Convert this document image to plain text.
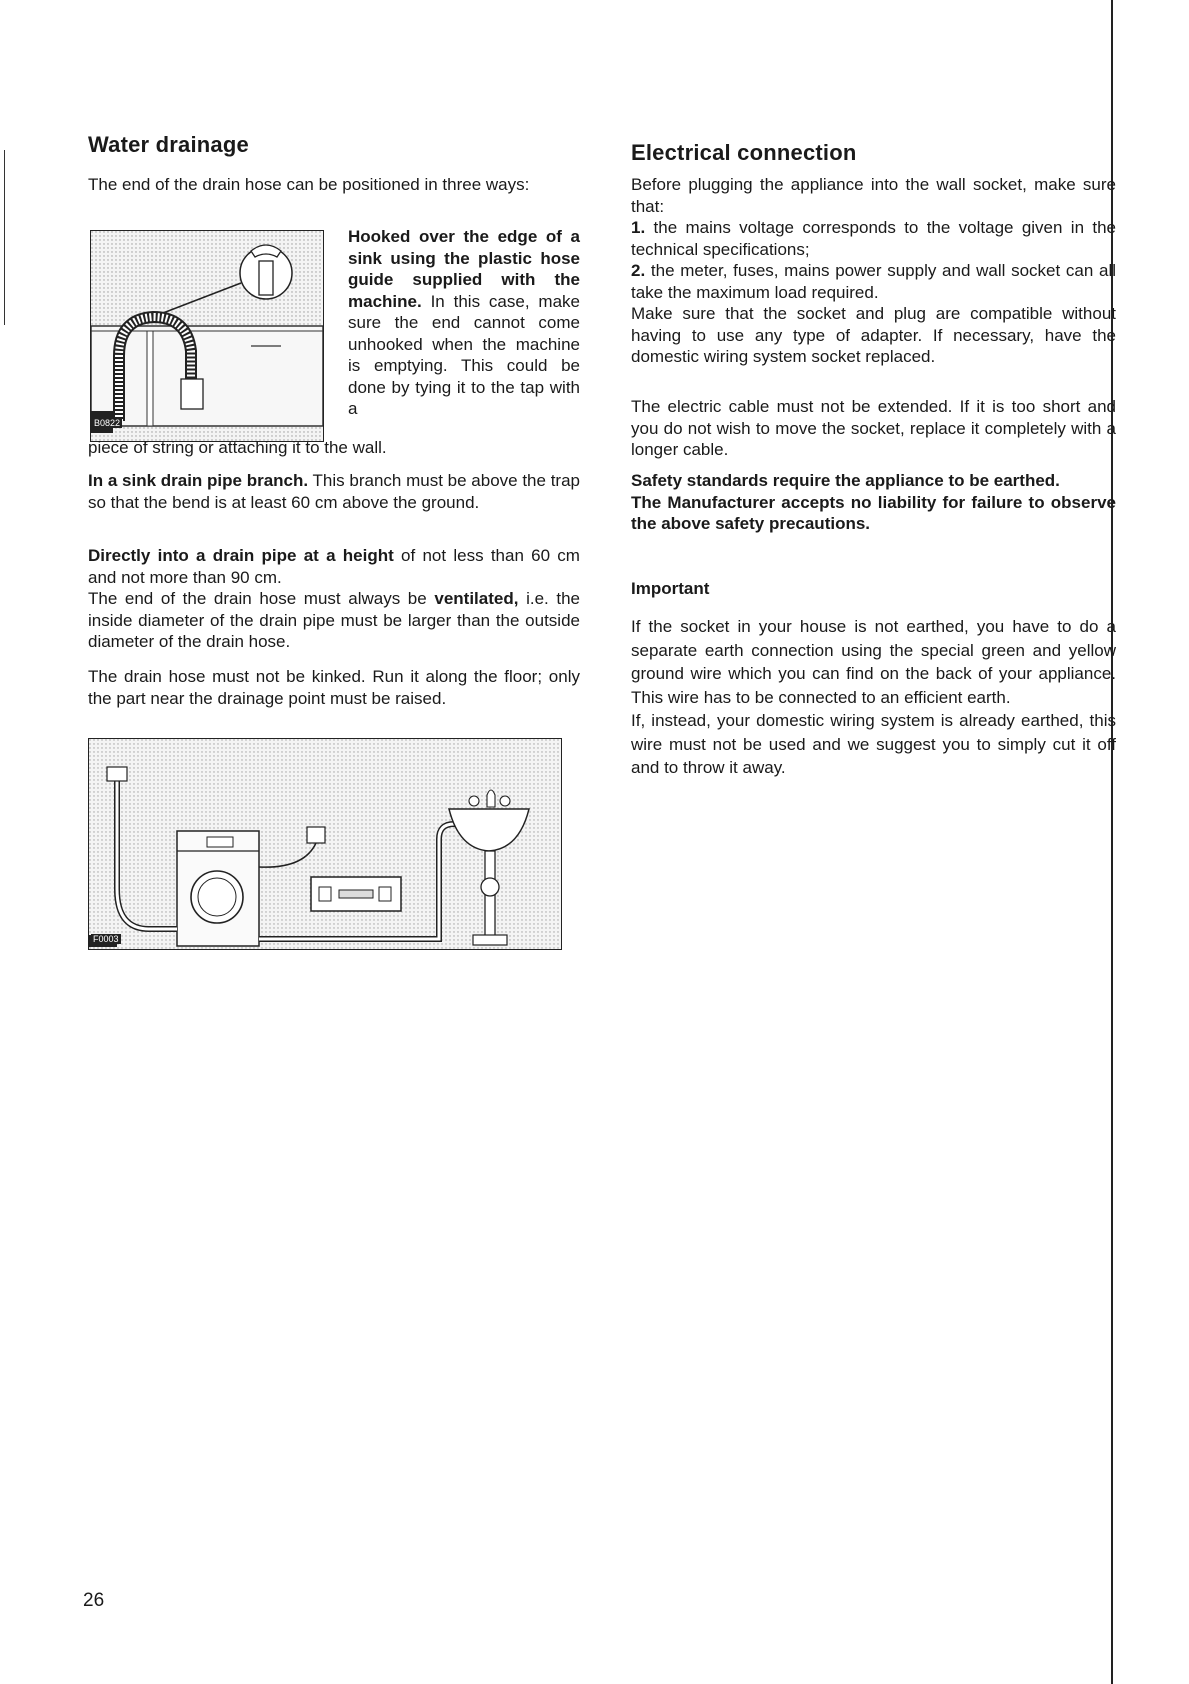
Water drainage

The end of the drain hose can be positioned in three ways:

B0822

Hooked over the edge of a sink using the plastic hose guide supplied with the machine. In this case, make sure the end cannot come unhooked when the machine is emptying. This could be done by tying it to the tap with a

piece of string or attaching it to the wall.

In a sink drain pipe branch. This branch must be above the trap so that the bend is at least 60 cm above the ground.

Directly into a drain pipe at a height of not less than 60 cm and not more than 90 cm.

The end of the drain hose must always be ventilated, i.e. the inside diameter of the drain pipe must be larger than the outside diameter of the drain hose.

The drain hose must not be kinked. Run it along the floor; only the part near the drainage point must be raised.

F0003
Electrical connection

Before plugging the appliance into the wall socket, make sure that:

1. the mains voltage corresponds to the voltage given in the technical specifications;

2. the meter, fuses, mains power supply and wall socket can all take the maximum load required.

Make sure that the socket and plug are compatible without having to use any type of adapter. If necessary, have the domestic wiring system socket replaced.

The electric cable must not be extended. If it is too short and you do not wish to move the socket, replace it completely with a longer cable.

Safety standards require the appliance to be earthed.

The Manufacturer accepts no liability for failure to observe the above safety precautions.

Important

If the socket in your house is not earthed, you have to do a separate earth connection using the special green and yellow ground wire which you can find on the back of your appliance. This wire has to be connected to an efficient earth.

If, instead, your domestic wiring system is already earthed, this wire must not be used and we suggest you to simply cut it off and to throw it away.

26
